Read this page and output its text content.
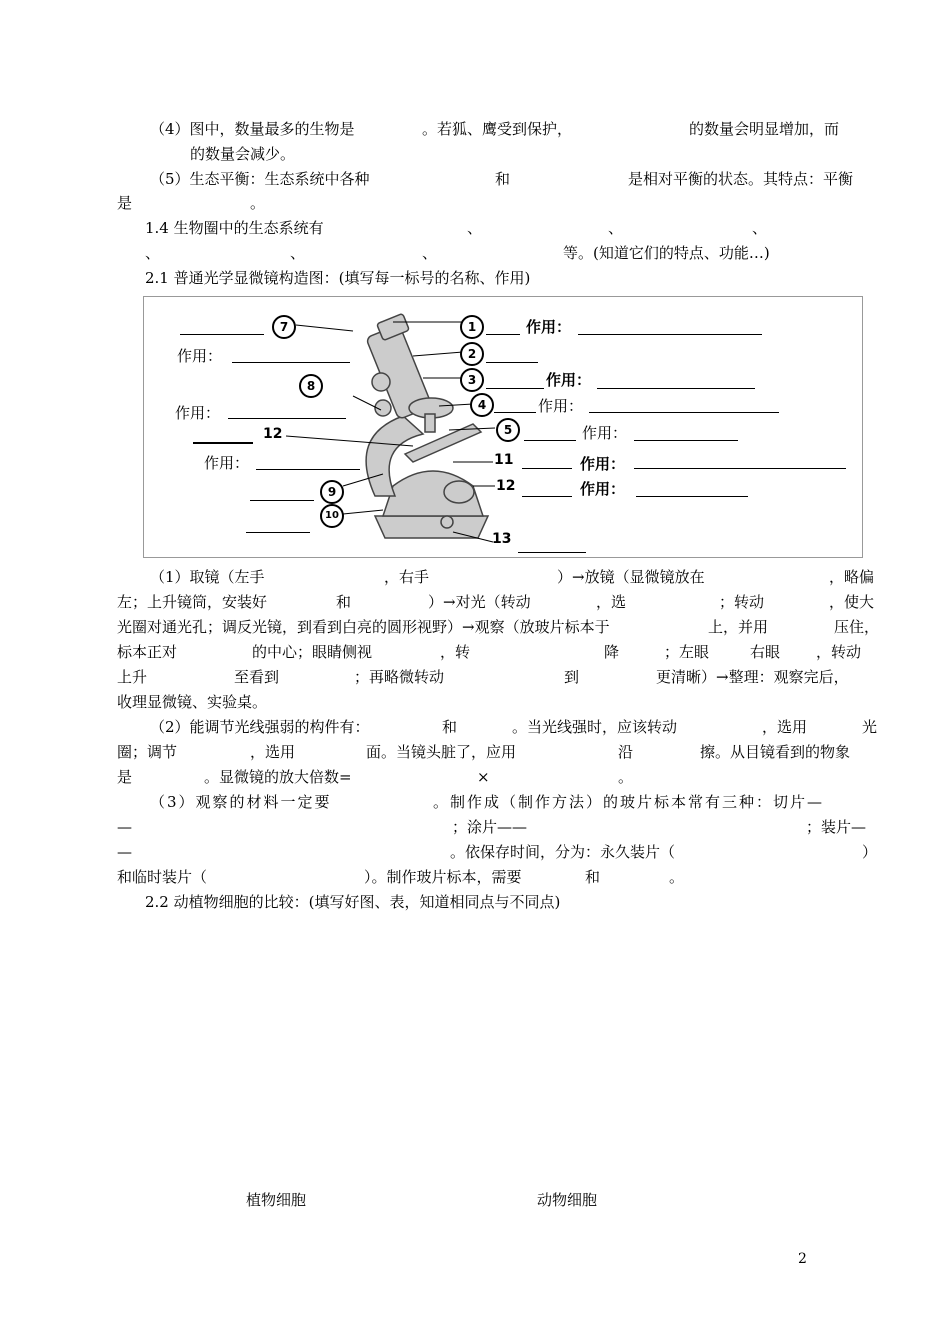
（4）图中，数量最多的生物是	。若狐、鹰受到保护，	的数量会明显增加，而
的数量会减少。
（5）生态平衡：生态系统中各种	和	是相对平衡的状态。其特点：平衡
是	。
1.4 生物圈中的生态系统有	、	、	、
、	、	、	等。(知道它们的特点、功能…)
2.1 普通光学显微镜构造图：(填写每一标号的名称、作用)
7
作用：
8
作用：
12
作用：
9
10
1	作用：
2
3	作用：
4	作用：
5	作用：
11	作用：
12	作用：
13
（1）取镜（左手	，右手	）→放镜（显微镜放在	，略偏
左；上升镜筒，安装好	和	）→对光（转动	，选	；转动	，使大
光圈对通光孔；调反光镜，到看到白亮的圆形视野）→观察（放玻片标本于	上，并用	压住，
标本正对	的中心；眼睛侧视	，转	降	；左眼	右眼 ，转动
上升	至看到	；再略微转动	到	更清晰）→整理：观察完后，
收理显微镜、实验桌。
（2）能调节光线强弱的构件有：	和	。当光线强时，应该转动	，选用	光
圈；调节	，选用	面。当镜头脏了，应用	沿	擦。从目镜看到的物象
是	。显微镜的放大倍数=	×	。
（3）观察的材料一定要	。制作成（制作方法）的玻片标本常有三种：切片—
—	；涂片——	；装片—
—	。依保存时间，分为：永久装片（	）
和临时装片（	）。制作玻片标本，需要	和	。
2.2 动植物细胞的比较：(填写好图、表，知道相同点与不同点)
植物细胞	动物细胞
2
